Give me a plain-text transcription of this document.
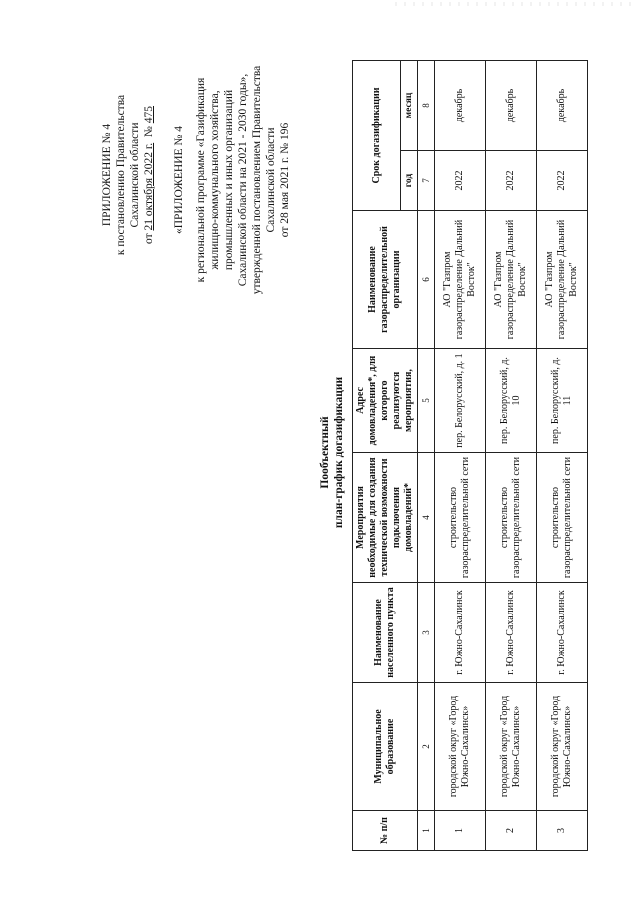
ПРИЛОЖЕНИЕ № 4 к постановлению Правительства Сахалинской области
от 21 октября 2022 г.  № 475
«ПРИЛОЖЕНИЕ № 4 к региональной программе «Газификация жилищно-коммунального хозяйства, промышленных и иных организаций Сахалинской области на 2021 - 2030 годы», утвержденной постановлением Правительства Сахалинской области от 28 мая 2021 г. № 196
Пообъектный план-график догазификации
№ п/п	Муниципальное образование	Наименование населенного пункта	Мероприятия необходимые для создания технической возможности подключения домовладений*	Адрес домовладения*, для которого реализуются мероприятия,	Наименование газораспределительной организации	Срок догазификации	
						год	месяц
1	2	3	4	5	6	7	8
1	городской округ «Город Южно-Сахалинск»	г. Южно-Сахалинск	строительство газораспределительной сети	пер. Белорусский, д. 1	АО "Газпром газораспределение Дальний Восток"	2022	декабрь
2	городской округ «Город Южно-Сахалинск»	г. Южно-Сахалинск	строительство газораспределительной сети	пер. Белорусский, д. 10	АО "Газпром газораспределение Дальний Восток"	2022	декабрь
3	городской округ «Город Южно-Сахалинск»	г. Южно-Сахалинск	строительство газораспределительной сети	пер. Белорусский, д. 11	АО "Газпром газораспределение Дальний Восток"	2022	декабрь
